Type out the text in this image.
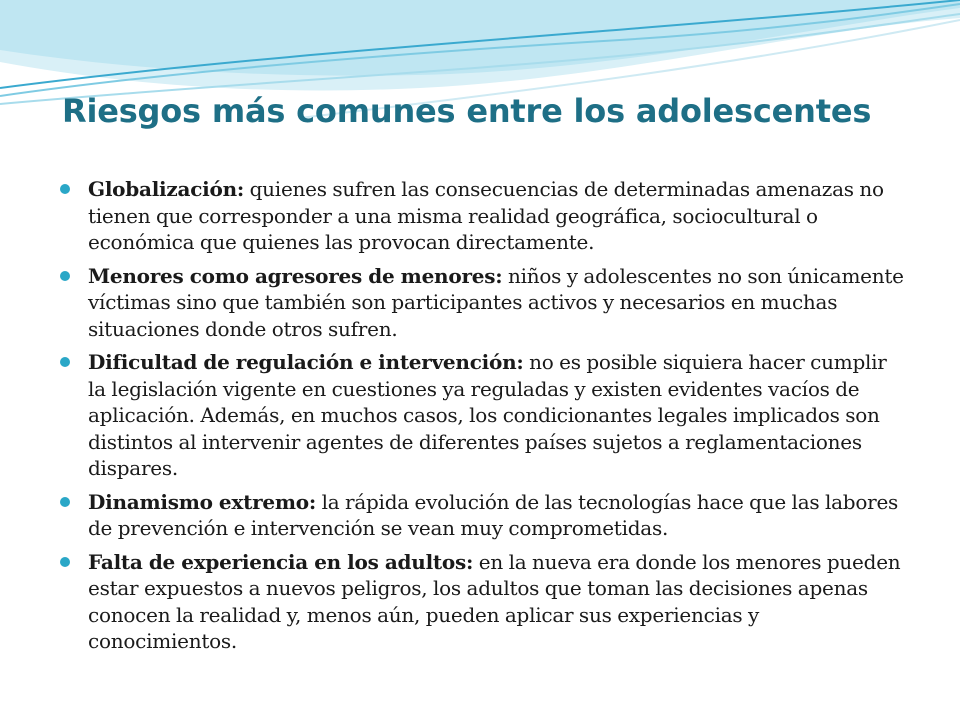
Riesgos más comunes entre los adolescentes
Globalización: quienes sufren las consecuencias de determinadas amenazas no tienen que corresponder a una misma realidad geográfica, sociocultural o económica que quienes las provocan directamente.
Menores como agresores de menores: niños y adolescentes no son únicamente víctimas sino que también son participantes activos y necesarios en muchas situaciones donde otros sufren.
Dificultad de regulación e intervención: no es posible siquiera hacer cumplir la legislación vigente en cuestiones ya reguladas y existen evidentes vacíos de aplicación. Además, en muchos casos, los condicionantes legales implicados son distintos al intervenir agentes de diferentes países sujetos a reglamentaciones dispares.
Dinamismo extremo: la rápida evolución de las tecnologías hace que las labores de prevención e intervención se vean muy comprometidas.
Falta de experiencia en los adultos: en la nueva era donde los menores pueden estar expuestos a nuevos peligros, los adultos que toman las decisiones apenas conocen la realidad y, menos aún, pueden aplicar sus experiencias y conocimientos.
